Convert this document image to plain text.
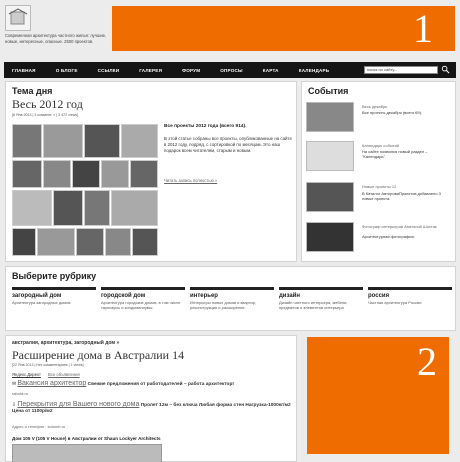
Современная архитектура частного жилья: лучшие, новые, интересные, опасные. 2500 проектов.	1
ГЛАВНАЯ	О БЛОГЕ	ССЫЛКИ	ГАЛЕРЕЯ	ФОРУМ	ОПРОСЫ	КАРТА	КАЛЕНДАРЬ	поиск по сайту...
Тема дня
Весь 2012 год
[8 Янв 2013 | 3 коммент. » | 3 472 views]
Все проекты 2012 года (всего 914).
В этой статье собраны все проекты, опубликованные на сайте в 2012 году, подряд, с сортировкой по месяцам. Это наш подарок всем читателям, старым и новым.
Читать запись полностью »
События
Весь декабрь
Все проекты декабря (всего 69).
Календарь событий
На сайте появился новый раздел – "Календарь".
Новые проекты 12
В Каталог АвторовиПроектов добавлено 3 новых проекта.
Фотограф интерьеров Анатолий Шостак
Архитектурная фотография.
Выберите рубрику
загородный дом
Архитектура загородных домов
городской дом
Архитектура городских домов, в том числе таунхаусы и кондоминиумы.
интерьер
Интерьеры новых домов и квартир, реконструкция и расширение.
дизайн
Дизайн частного интерьера, мебели, предметов и элементов интерьера
россия
Частная архитектура России
австралия, архитектура, загородный дом »
Расширение дома в Австралии 14
[22 Янв 2013 | Нет комментариев | 1 views]
Яндекс.Директ Все объявления
✉ Вакансия архитектор Свежие предложения от работодателей – работа архитектор!
rabota.ru
⇩ Перекрытия для Вашего нового дома Пролет 12м – без ключа Любая форма стен Нагрузка-1000кг/м2 Цена от 1100р/м2
Адрес и телефон · kolumb.ru
Дом 105 V (105 V House) в Австралии от Shaun Lockyer Architects
2
